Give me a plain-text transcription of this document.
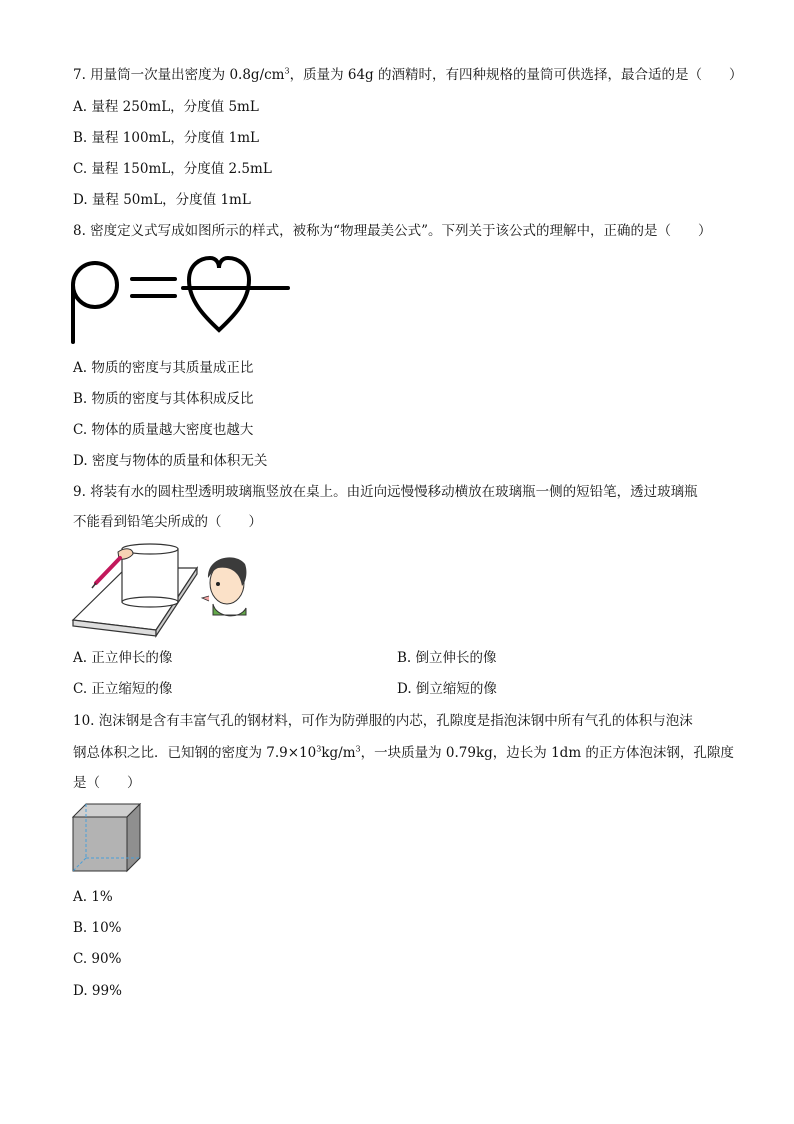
7. 用量筒一次量出密度为 $0.8g/cm^3$，质量为 64g 的酒精时，有四种规格的量筒可供选择，最合适的是（　　）
A. 量程 250mL，分度值 5mL
B. 量程 100mL，分度值 1mL
C. 量程 150mL，分度值 2.5mL
D. 量程 50mL，分度值 1mL
8. 密度定义式写成如图所示的样式，被称为“物理最美公式”。下列关于该公式的理解中，正确的是（　　）
A. 物质的密度与其质量成正比
B. 物质的密度与其体积成反比
C. 物体的质量越大密度也越大
D. 密度与物体的质量和体积无关
9. 将装有水的圆柱型透明玻璃瓶竖放在桌上。由近向远慢慢移动横放在玻璃瓶一侧的短铅笔，透过玻璃瓶
不能看到铅笔尖所成的（　　）
A. 正立伸长的像	B. 倒立伸长的像
C. 正立缩短的像	D. 倒立缩短的像
10. 泡沫钢是含有丰富气孔的钢材料，可作为防弹服的内芯，孔隙度是指泡沫钢中所有气孔的体积与泡沫
钢总体积之比．已知钢的密度为 $7.9\times 10^3kg/m^3$，一块质量为 0.79kg，边长为 1dm 的正方体泡沫钢，孔隙度
是（　　）
A. 1%
B. 10%
C. 90%
D. 99%
